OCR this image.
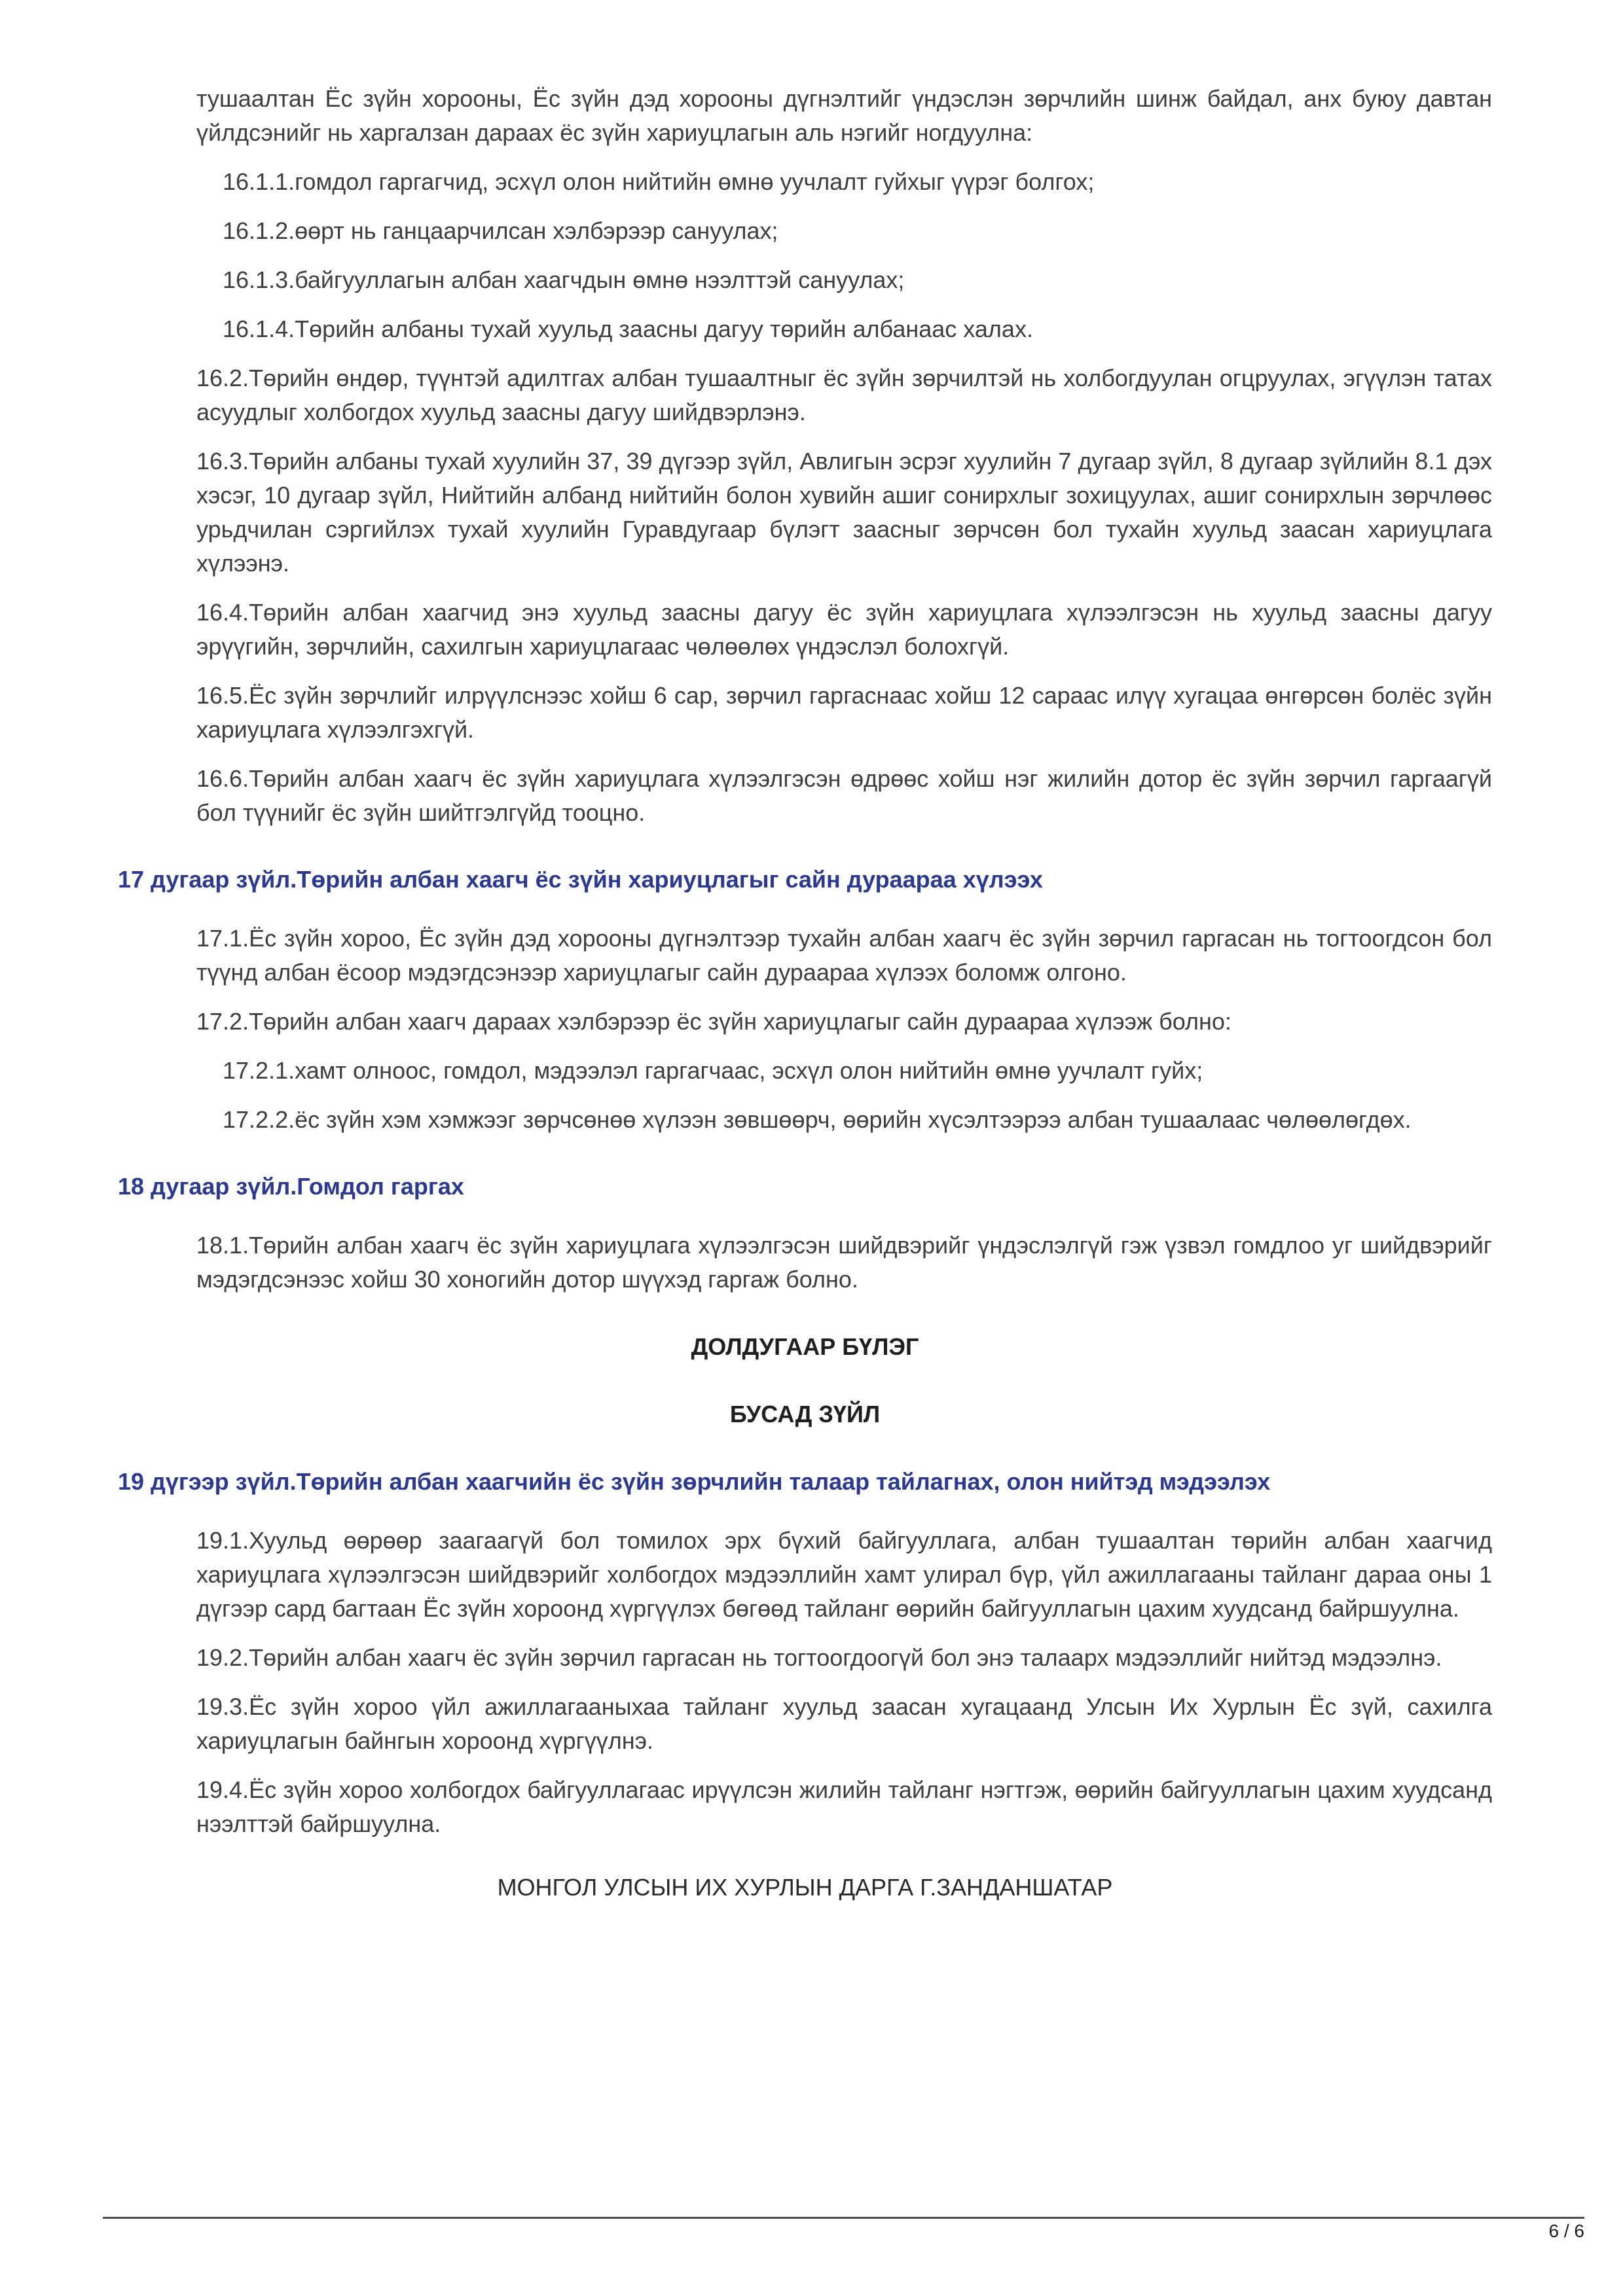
тушаалтан Ёс зүйн хорооны, Ёс зүйн дэд хорооны дүгнэлтийг үндэслэн зөрчлийн шинж байдал, анх буюу давтан үйлдсэнийг нь харгалзан дараах ёс зүйн хариуцлагын аль нэгийг ногдуулна:

16.1.1.гомдол гаргагчид, эсхүл олон нийтийн өмнө уучлалт гуйхыг үүрэг болгох;

16.1.2.өөрт нь ганцаарчилсан хэлбэрээр сануулах;

16.1.3.байгууллагын албан хаагчдын өмнө нээлттэй сануулах;

16.1.4.Төрийн албаны тухай хуульд заасны дагуу төрийн албанаас халах.

16.2.Төрийн өндөр, түүнтэй адилтгах албан тушаалтныг ёс зүйн зөрчилтэй нь холбогдуулан огцруулах, эгүүлэн татах асуудлыг холбогдох хуульд заасны дагуу шийдвэрлэнэ.

16.3.Төрийн албаны тухай хуулийн 37, 39 дүгээр зүйл, Авлигын эсрэг хуулийн 7 дугаар зүйл, 8 дугаар зүйлийн 8.1 дэх хэсэг, 10 дугаар зүйл, Нийтийн албанд нийтийн болон хувийн ашиг сонирхлыг зохицуулах, ашиг сонирхлын зөрчлөөс урьдчилан сэргийлэх тухай хуулийн Гуравдугаар бүлэгт заасныг зөрчсөн бол тухайн хуульд заасан хариуцлага хүлээнэ.

16.4.Төрийн албан хаагчид энэ хуульд заасны дагуу ёс зүйн хариуцлага хүлээлгэсэн нь хуульд заасны дагуу эрүүгийн, зөрчлийн, сахилгын хариуцлагаас чөлөөлөх үндэслэл болохгүй.

16.5.Ёс зүйн зөрчлийг илрүүлснээс хойш 6 сар, зөрчил гаргаснаас хойш 12 сараас илүү хугацаа өнгөрсөн болёс зүйн хариуцлага хүлээлгэхгүй.

16.6.Төрийн албан хаагч ёс зүйн хариуцлага хүлээлгэсэн өдрөөс хойш нэг жилийн дотор ёс зүйн зөрчил гаргаагүй бол түүнийг ёс зүйн шийтгэлгүйд тооцно.

17 дугаар зүйл.Төрийн албан хаагч ёс зүйн хариуцлагыг сайн дураараа хүлээх

17.1.Ёс зүйн хороо, Ёс зүйн дэд хорооны дүгнэлтээр тухайн албан хаагч ёс зүйн зөрчил гаргасан нь тогтоогдсон бол түүнд албан ёсоор мэдэгдсэнээр хариуцлагыг сайн дураараа хүлээх боломж олгоно.

17.2.Төрийн албан хаагч дараах хэлбэрээр ёс зүйн хариуцлагыг сайн дураараа хүлээж болно:

17.2.1.хамт олноос, гомдол, мэдээлэл гаргагчаас, эсхүл олон нийтийн өмнө уучлалт гуйх;

17.2.2.ёс зүйн хэм хэмжээг зөрчсөнөө хүлээн зөвшөөрч, өөрийн хүсэлтээрээ албан тушаалаас чөлөөлөгдөх.

18 дугаар зүйл.Гомдол гаргах

18.1.Төрийн албан хаагч ёс зүйн хариуцлага хүлээлгэсэн шийдвэрийг үндэслэлгүй гэж үзвэл гомдлоо уг шийдвэрийг мэдэгдсэнээс хойш 30 хоногийн дотор шүүхэд гаргаж болно.

ДОЛДУГААР БҮЛЭГ

БУСАД ЗҮЙЛ

19 дүгээр зүйл.Төрийн албан хаагчийн ёс зүйн зөрчлийн талаар тайлагнах, олон нийтэд мэдээлэх

19.1.Хуульд өөрөөр заагаагүй бол томилох эрх бүхий байгууллага, албан тушаалтан төрийн албан хаагчид хариуцлага хүлээлгэсэн шийдвэрийг холбогдох мэдээллийн хамт улирал бүр, үйл ажиллагааны тайланг дараа оны 1 дүгээр сард багтаан Ёс зүйн хороонд хүргүүлэх бөгөөд тайланг өөрийн байгууллагын цахим хуудсанд байршуулна.

19.2.Төрийн албан хаагч ёс зүйн зөрчил гаргасан нь тогтоогдоогүй бол энэ талаарх мэдээллийг нийтэд мэдээлнэ.

19.3.Ёс зүйн хороо үйл ажиллагааныхаа тайланг хуульд заасан хугацаанд Улсын Их Хурлын Ёс зүй, сахилга хариуцлагын байнгын хороонд хүргүүлнэ.

19.4.Ёс зүйн хороо холбогдох байгууллагаас ирүүлсэн жилийн тайланг нэгтгэж, өөрийн байгууллагын цахим хуудсанд нээлттэй байршуулна.

МОНГОЛ УЛСЫН ИХ ХУРЛЫН ДАРГА Г.ЗАНДАНШАТАР

6 / 6
